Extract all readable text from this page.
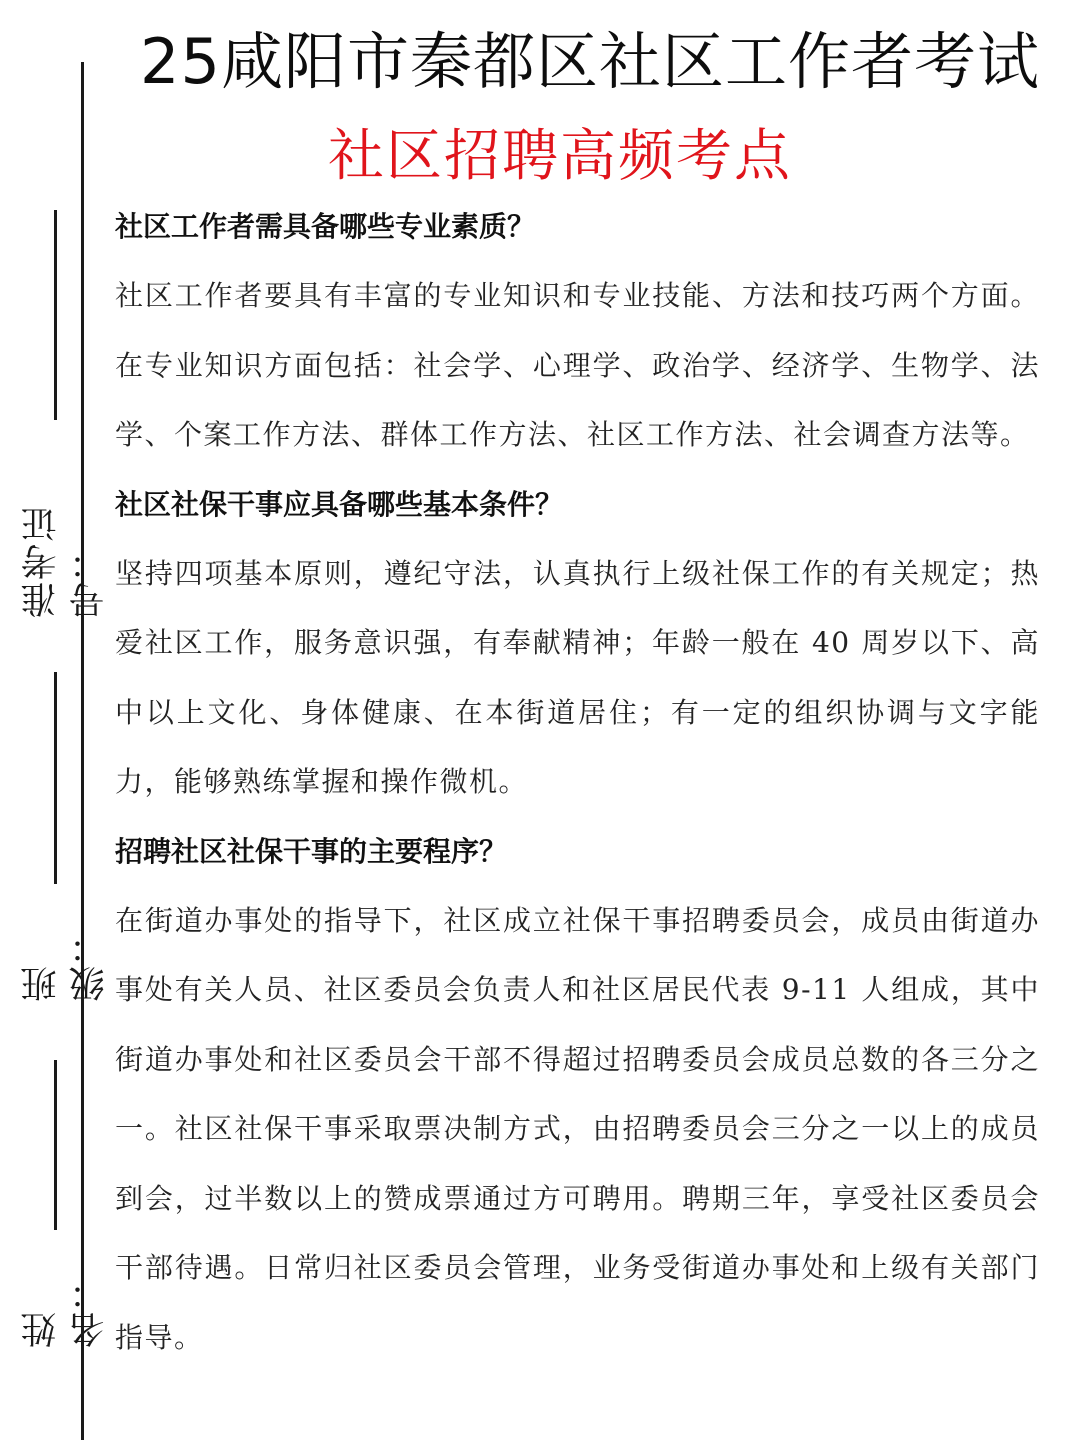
准考证号：
班级：
姓名：
25咸阳市秦都区社区工作者考试
社区招聘高频考点
社区工作者需具备哪些专业素质？

社区工作者要具有丰富的专业知识和专业技能、方法和技巧两个方面。在专业知识方面包括：社会学、心理学、政治学、经济学、生物学、法学、个案工作方法、群体工作方法、社区工作方法、社会调查方法等。

社区社保干事应具备哪些基本条件？

坚持四项基本原则，遵纪守法，认真执行上级社保工作的有关规定；热爱社区工作，服务意识强，有奉献精神；年龄一般在 40 周岁以下、高中以上文化、身体健康、在本街道居住；有一定的组织协调与文字能力，能够熟练掌握和操作微机。

招聘社区社保干事的主要程序？

在街道办事处的指导下，社区成立社保干事招聘委员会，成员由街道办事处有关人员、社区委员会负责人和社区居民代表 9-11 人组成，其中街道办事处和社区委员会干部不得超过招聘委员会成员总数的各三分之一。社区社保干事采取票决制方式，由招聘委员会三分之一以上的成员到会，过半数以上的赞成票通过方可聘用。聘期三年，享受社区委员会干部待遇。日常归社区委员会管理，业务受街道办事处和上级有关部门指导。
